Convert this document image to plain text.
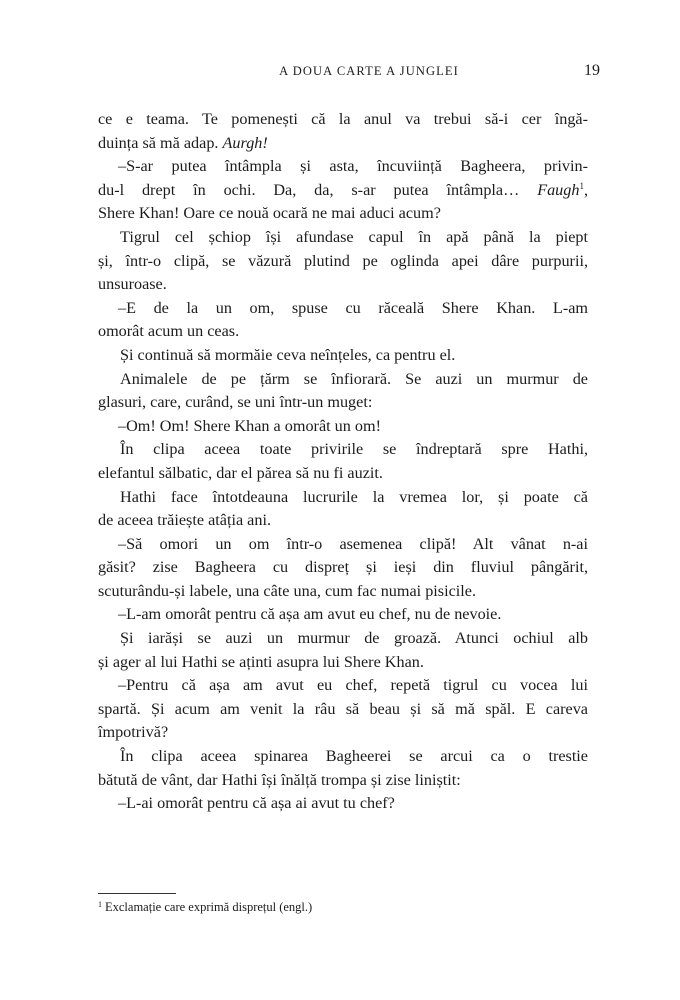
A DOUA CARTE A JUNGLEI	19
ce e teama. Te pomenești că la anul va trebui să-i cer îngă-
duința să mă adap. Aurgh!
–S-ar putea întâmpla și asta, încuviință Bagheera, privin-
du-l drept în ochi. Da, da, s-ar putea întâmpla… Faugh$^1$,
Shere Khan! Oare ce nouă ocară ne mai aduci acum?
Tigrul cel șchiop își afundase capul în apă până la piept
și, într-o clipă, se văzură plutind pe oglinda apei dâre purpurii,
unsuroase.
–E de la un om, spuse cu răceală Shere Khan. L-am
omorât acum un ceas.
Și continuă să mormăie ceva neînțeles, ca pentru el.
Animalele de pe țărm se înfiorară. Se auzi un murmur de
glasuri, care, curând, se uni într-un muget:
–Om! Om! Shere Khan a omorât un om!
În clipa aceea toate privirile se îndreptară spre Hathi,
elefantul sălbatic, dar el părea să nu fi auzit.
Hathi face întotdeauna lucrurile la vremea lor, și poate că
de aceea trăiește atâția ani.
–Să omori un om într-o asemenea clipă! Alt vânat n-ai
găsit? zise Bagheera cu dispreț și ieși din fluviul pângărit,
scuturându-și labele, una câte una, cum fac numai pisicile.
–L-am omorât pentru că așa am avut eu chef, nu de nevoie.
Și iarăși se auzi un murmur de groază. Atunci ochiul alb
și ager al lui Hathi se aținti asupra lui Shere Khan.
–Pentru că așa am avut eu chef, repetă tigrul cu vocea lui
spartă. Și acum am venit la râu să beau și să mă spăl. E careva
împotrivă?
În clipa aceea spinarea Bagheerei se arcui ca o trestie
bătută de vânt, dar Hathi își înălță trompa și zise liniștit:
–L-ai omorât pentru că așa ai avut tu chef?
$^1$ Exclamație care exprimă disprețul (engl.)
